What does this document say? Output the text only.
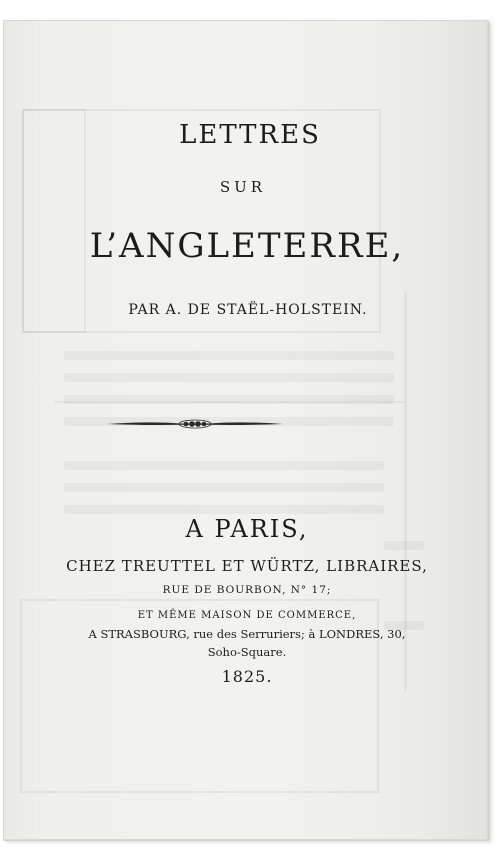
LETTRES
SUR
L’ANGLETERRE,
PAR A. DE STAËL-HOLSTEIN.
A PARIS,
CHEZ TREUTTEL ET WÜRTZ, LIBRAIRES,
RUE DE BOURBON, N° 17;
ET MÊME MAISON DE COMMERCE,
A STRASBOURG, rue des Serruriers; à LONDRES, 30,
Soho-Square.
1825.
